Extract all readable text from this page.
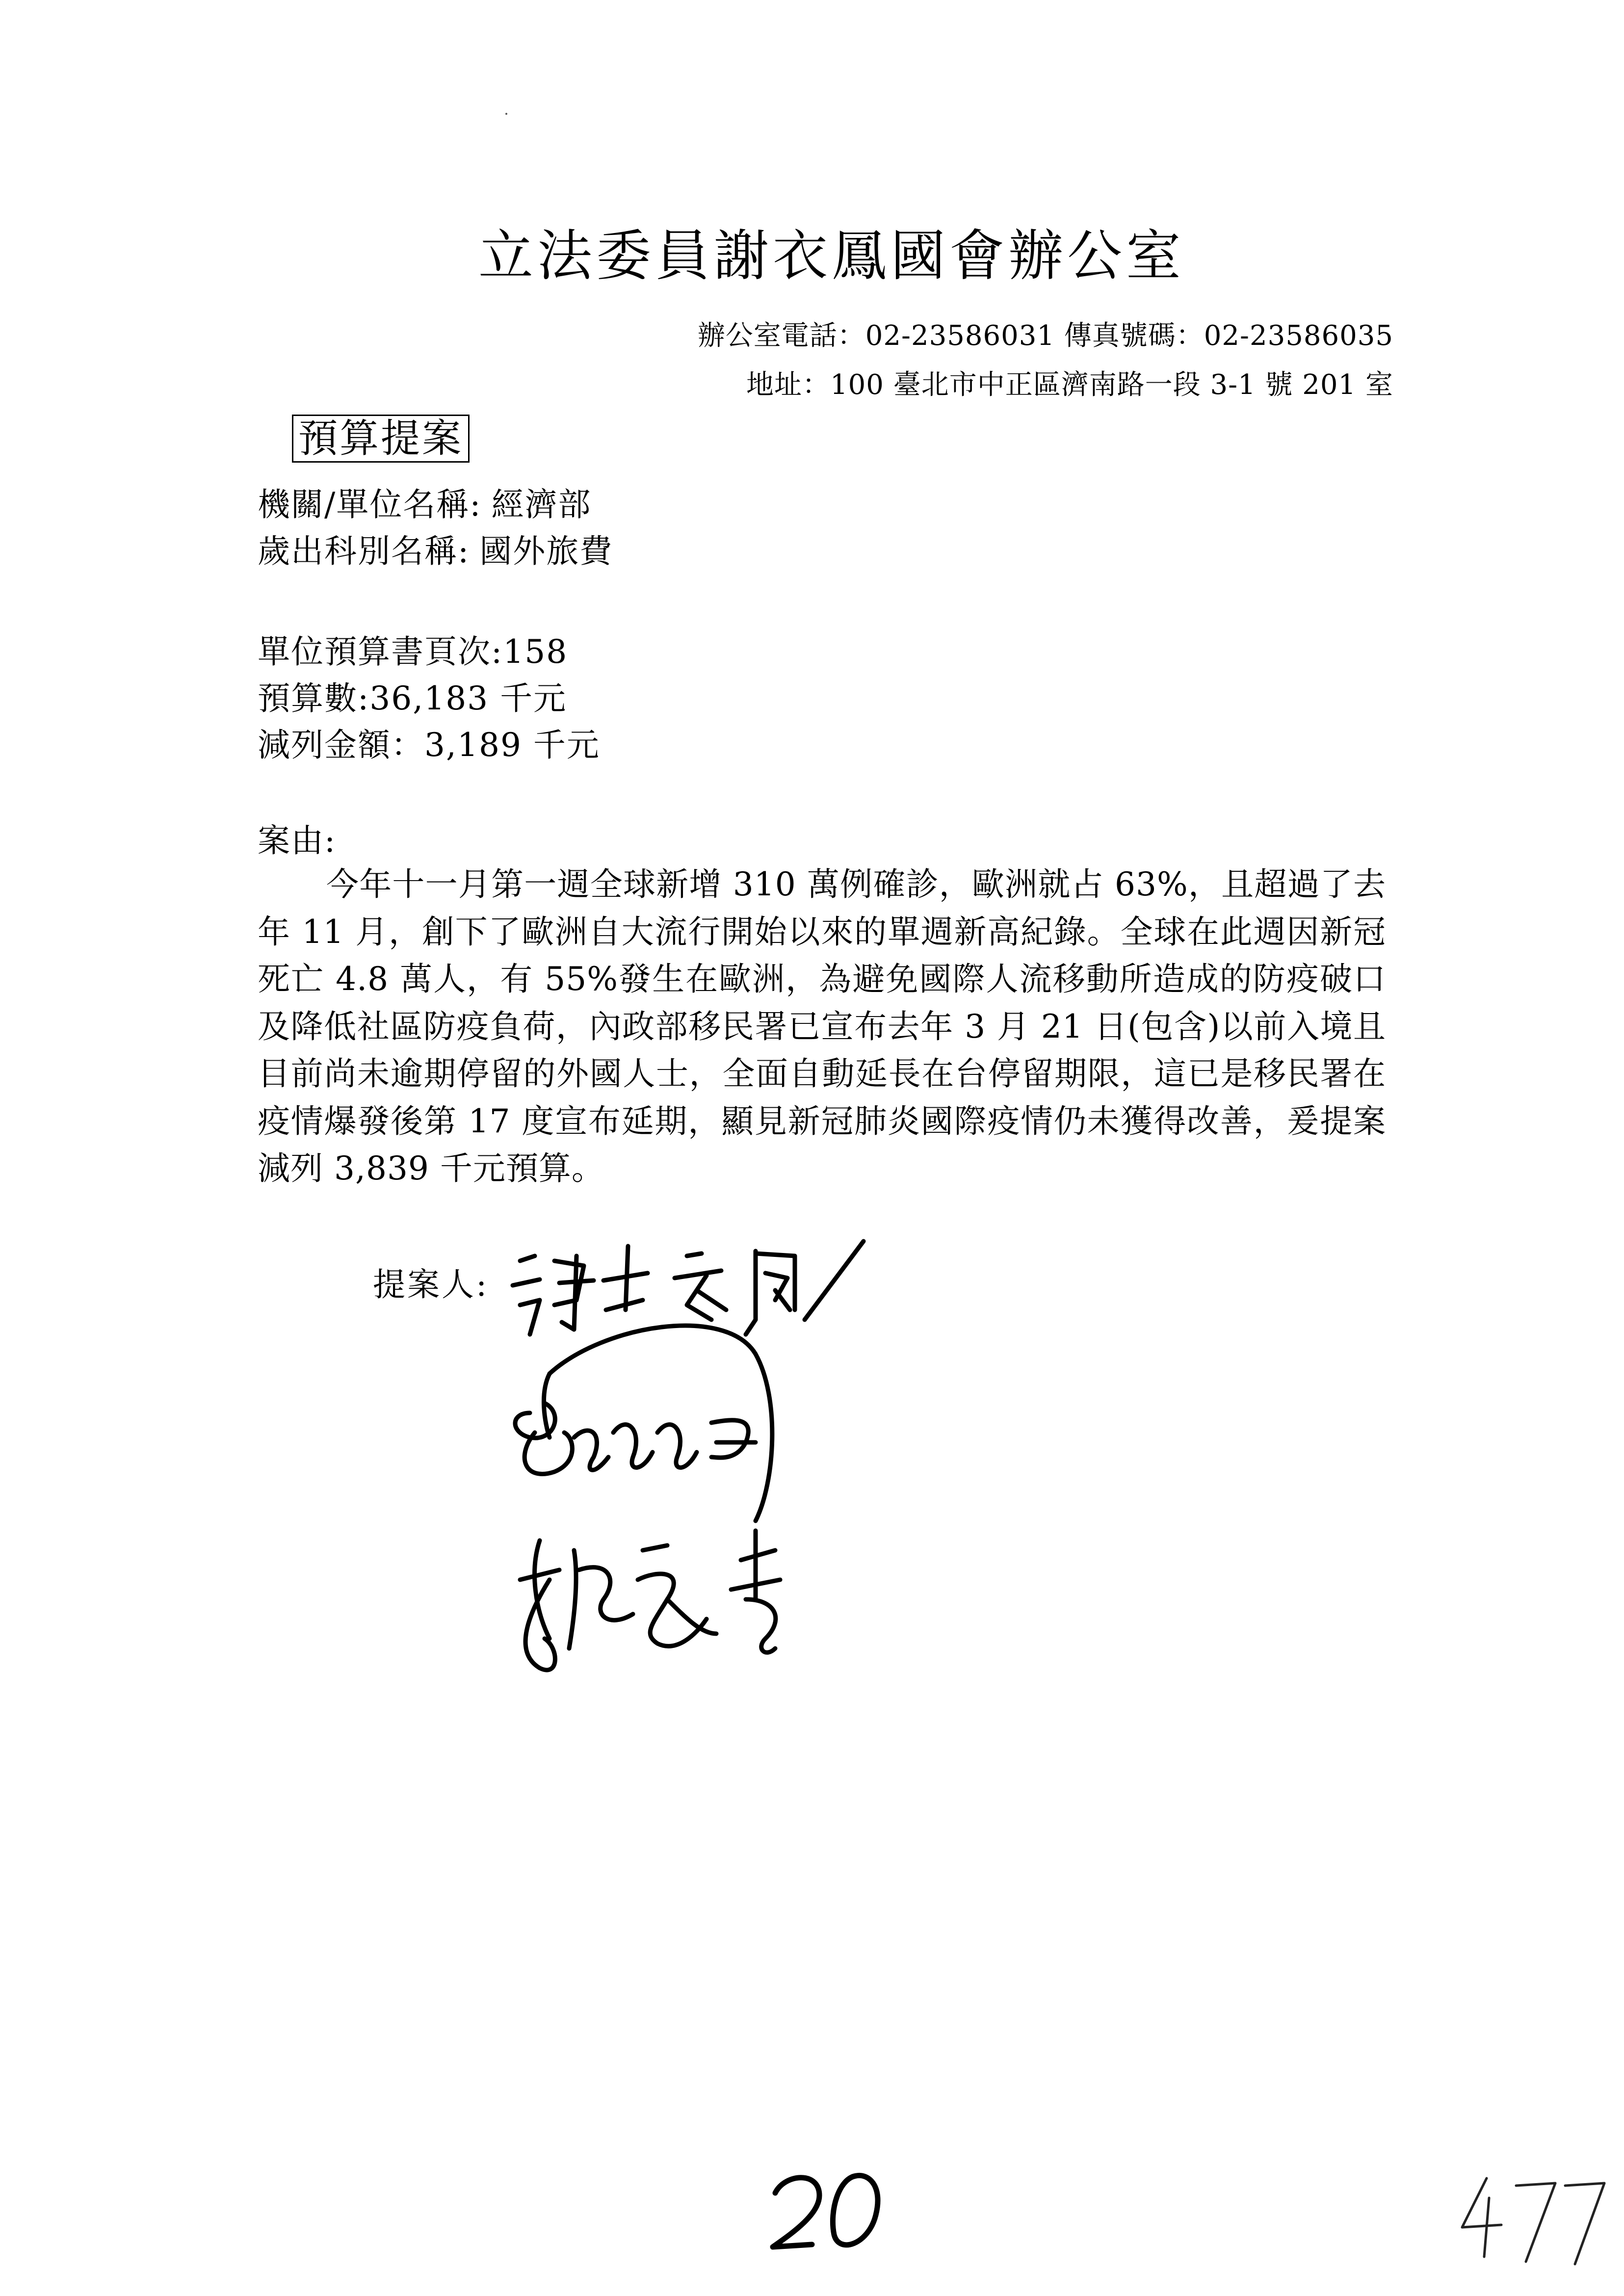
立法委員謝衣鳳國會辦公室
辦公室電話：02-23586031 傳真號碼：02-23586035
地址：100 臺北市中正區濟南路一段 3-1 號 201 室
預算提案
機關/單位名稱: 經濟部
歲出科別名稱: 國外旅費
單位預算書頁次:158
預算數:36,183 千元
減列金額：3,189 千元
案由:

今年十一月第一週全球新增 310 萬例確診，歐洲就占 63%，且超過了去年 11 月，創下了歐洲自大流行開始以來的單週新高紀錄。全球在此週因新冠死亡 4.8 萬人，有 55%發生在歐洲，為避免國際人流移動所造成的防疫破口及降低社區防疫負荷，內政部移民署已宣布去年 3 月 21 日(包含)以前入境且目前尚未逾期停留的外國人士，全面自動延長在台停留期限，這已是移民署在疫情爆發後第 17 度宣布延期，顯見新冠肺炎國際疫情仍未獲得改善，爰提案減列 3,839 千元預算。

提案人:
